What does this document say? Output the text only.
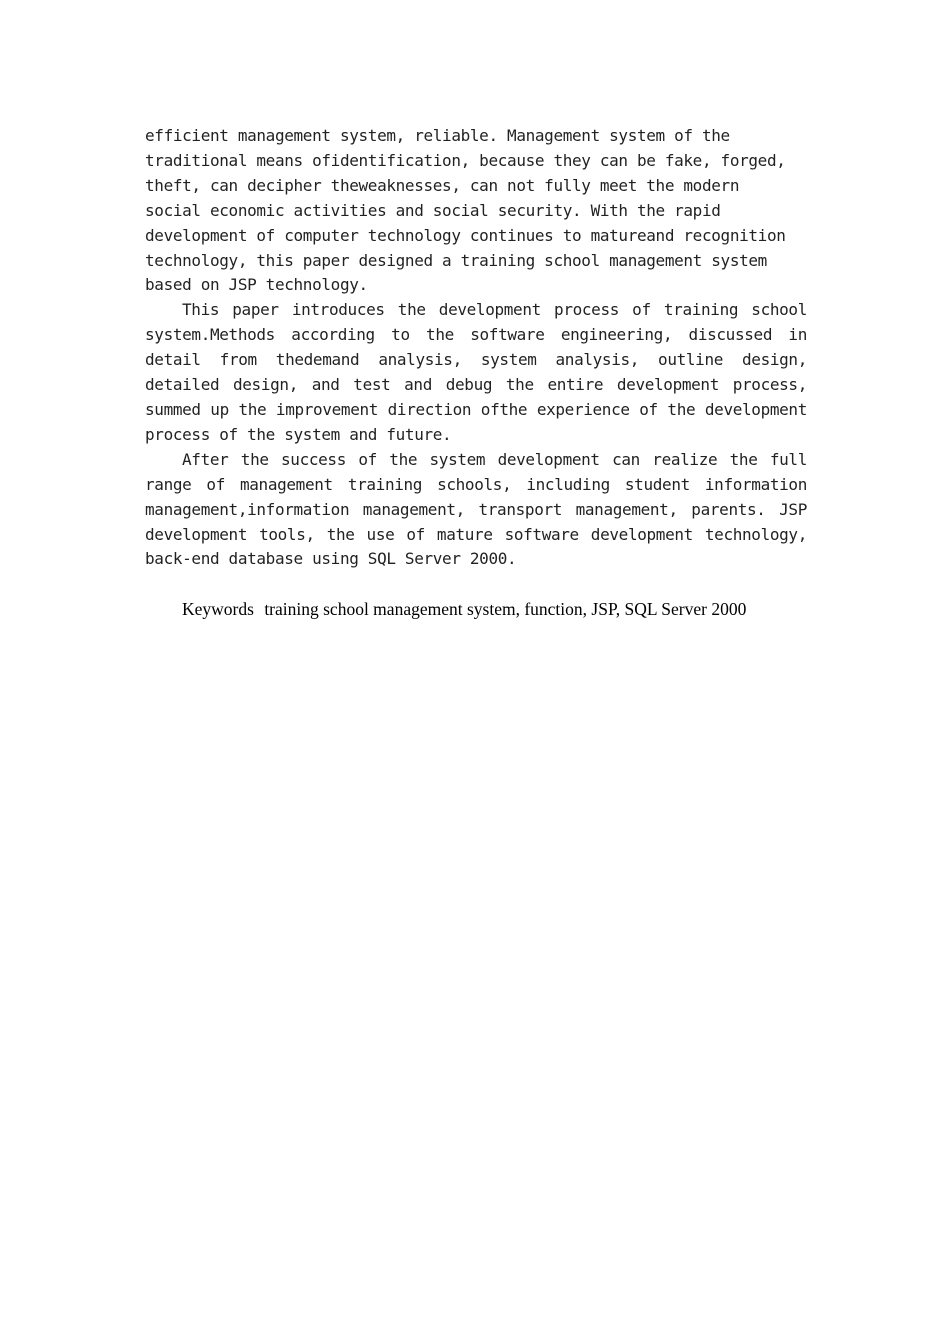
efficient management system, reliable. Management system of the
traditional means ofidentification, because they can be fake, forged,
theft, can decipher theweaknesses, can not fully meet the modern
social economic activities and social security. With the rapid
development of computer technology continues to matureand recognition
technology, this paper designed a training school management system
based on JSP technology.

This paper introduces the development process of training school system.Methods according to the software engineering, discussed in detail from thedemand analysis, system analysis, outline design, detailed design, and test and debug the entire development process, summed up the improvement direction ofthe experience of the development process of the system and future.

After the success of the system development can realize the full range of management training schools, including student information management,information management, transport management, parents. JSP development tools, the use of mature software development technology, back-end database using SQL Server 2000.

Keywords training school management system, function, JSP, SQL Server 2000
